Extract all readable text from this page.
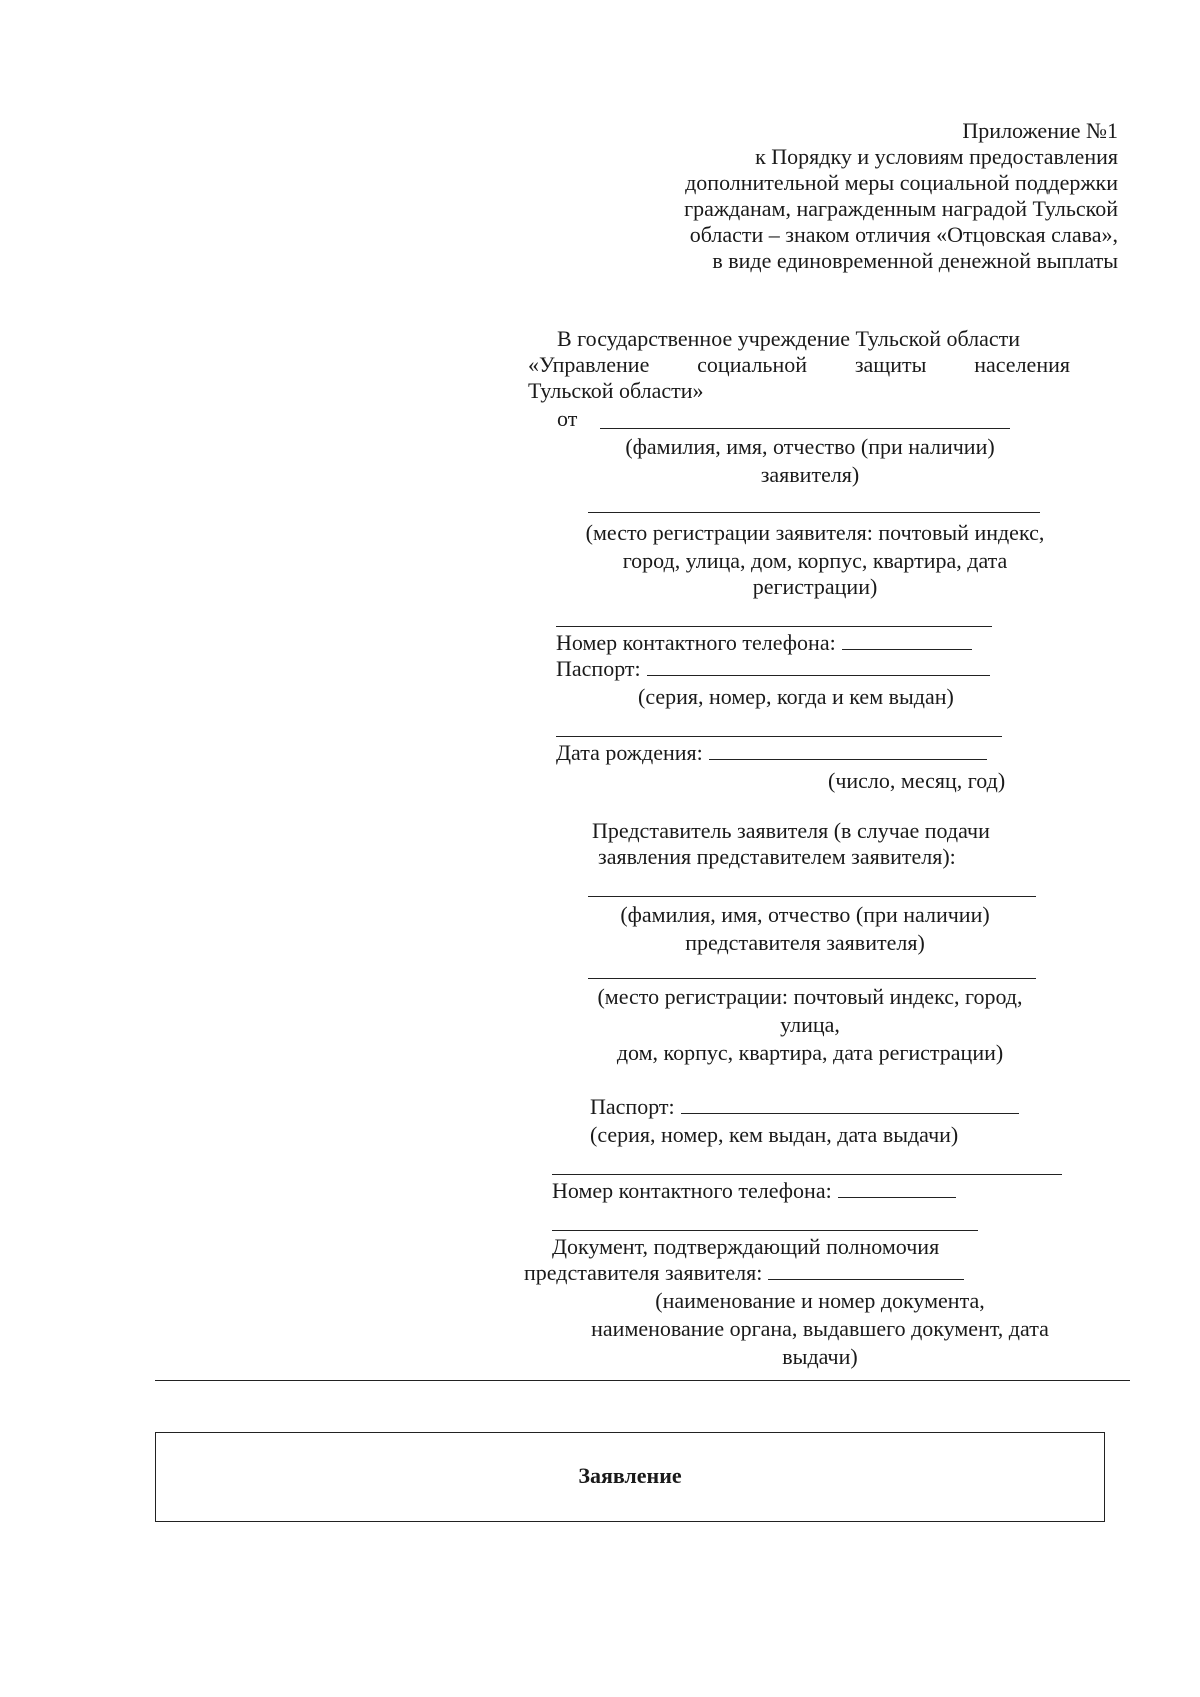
Приложение №1
к Порядку и условиям предоставления
дополнительной меры социальной поддержки
гражданам, награжденным наградой Тульской
области – знаком отличия «Отцовская слава»,
в виде единовременной денежной выплаты
В государственное учреждение Тульской области
«Управление социальной защиты населения
Тульской области»
от
(фамилия, имя, отчество (при наличии)
заявителя)
(место регистрации заявителя: почтовый индекс,
город, улица, дом, корпус, квартира, дата
регистрации)
Номер контактного телефона:
Паспорт:
(серия, номер, когда и кем выдан)
Дата рождения:
(число, месяц, год)
Представитель заявителя (в случае подачи
заявления представителем заявителя):
(фамилия, имя, отчество (при наличии)
представителя заявителя)
(место регистрации: почтовый индекс, город,
улица,
дом, корпус, квартира, дата регистрации)
Паспорт:
(серия, номер, кем выдан, дата выдачи)
Номер контактного телефона:
Документ, подтверждающий полномочия
представителя заявителя:
(наименование и номер документа,
наименование органа, выдавшего документ, дата
выдачи)
Заявление
